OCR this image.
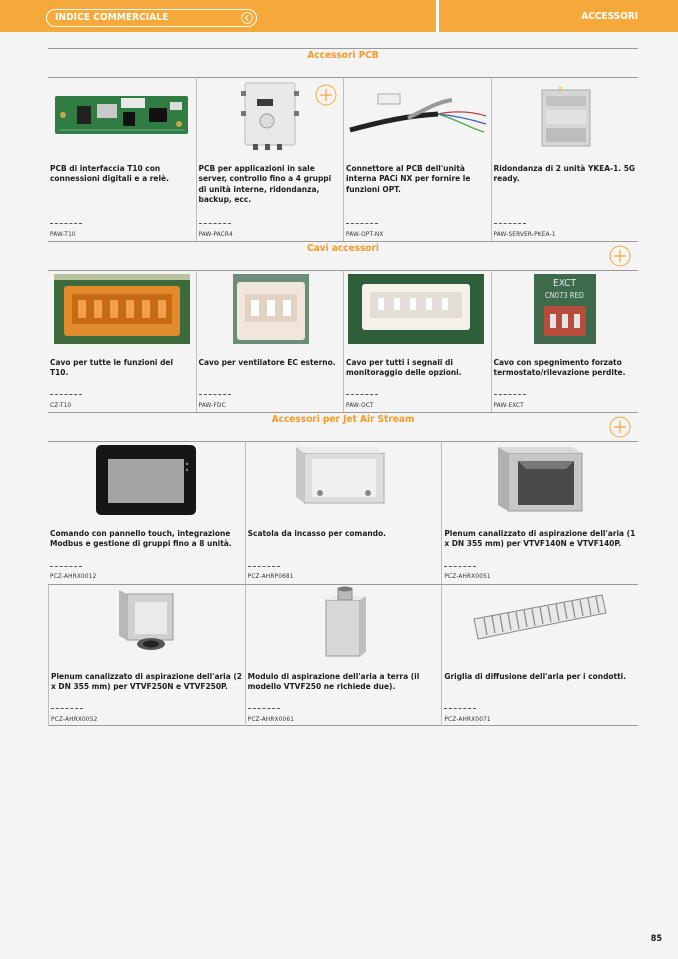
INDICE COMMERCIALE	ACCESSORI
Accessori PCB
PCB di interfaccia T10 con connessioni digitali e a relè.
PAW-T10
PCB per applicazioni in sale server, controllo fino a 4 gruppi di unità interne, ridondanza, backup, ecc.
PAW-PACR4
Connettore al PCB dell'unità interna PACi NX per fornire le funzioni OPT.
PAW-OPT-NX
Ridondanza di 2 unità YKEA-1. 5G ready.
PAW-SERVER-PKEA-1
Cavi accessori
Cavo per tutte le funzioni del T10.
CZ-T10
Cavo per ventilatore EC esterno.
PAW-FDC
Cavo per tutti i segnali di monitoraggio delle opzioni.
PAW-OCT
EXCT
CN073 RED
Cavo con spegnimento forzato termostato/rilevazione perdite.
PAW-EXCT
Accessori per Jet Air Stream
Comando con pannello touch, integrazione Modbus e gestione di gruppi fino a 8 unità.
PCZ-AHRX0012
Scatola da incasso per comando.
PCZ-AHRP0681
Plenum canalizzato di aspirazione dell'aria (1 x DN 355 mm) per VTVF140N e VTVF140P.
PCZ-AHRX0051
Plenum canalizzato di aspirazione dell'aria (2 x DN 355 mm) per VTVF250N e VTVF250P.
PCZ-AHRX0052
Modulo di aspirazione dell'aria a terra (il modello VTVF250 ne richiede due).
PCZ-AHRX0061
Griglia di diffusione dell'aria per i condotti.
PCZ-AHRX0071
85
